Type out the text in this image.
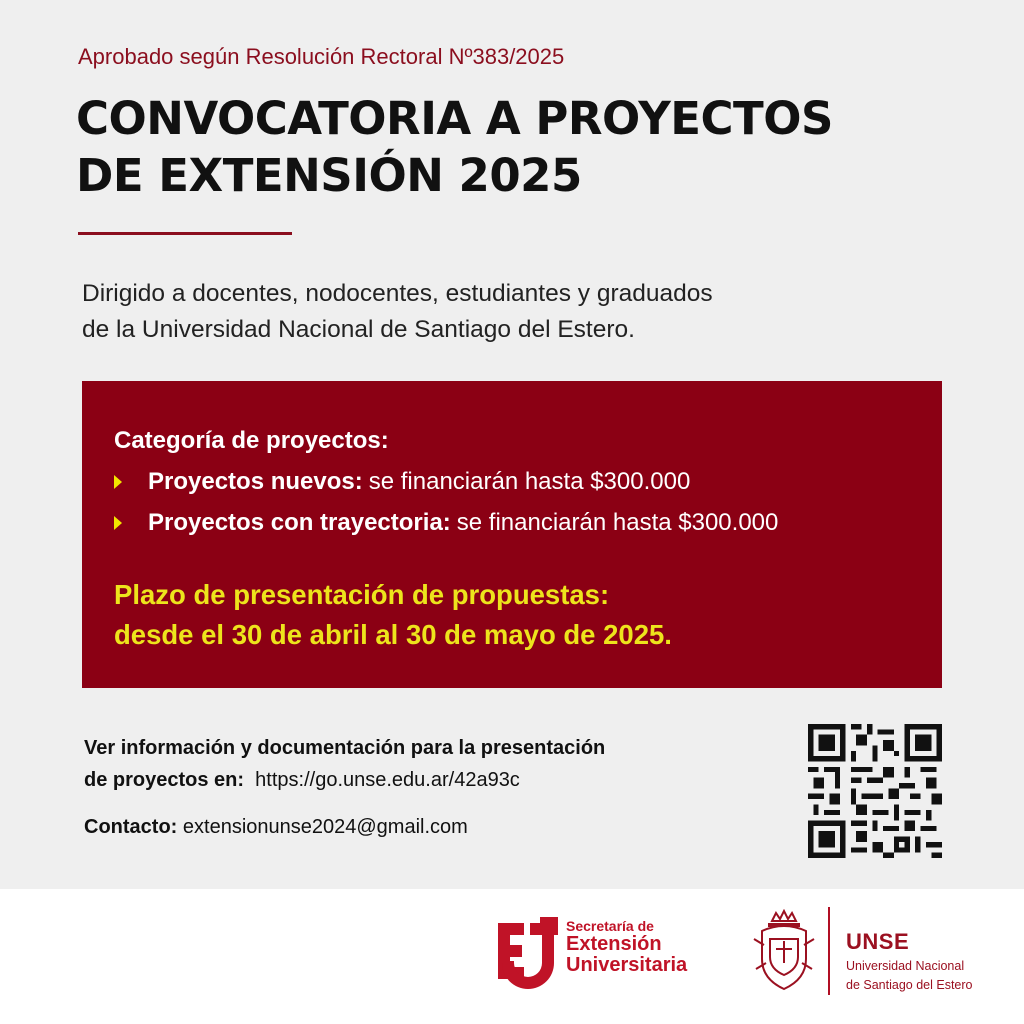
Aprobado según Resolución Rectoral Nº383/2025
CONVOCATORIA A PROYECTOS
DE EXTENSIÓN 2025

Dirigido a docentes, nodocentes, estudiantes y graduados
de la Universidad Nacional de Santiago del Estero.

Categoría de proyectos:
Proyectos nuevos: se financiarán hasta $300.000
Proyectos con trayectoria: se financiarán hasta $300.000

Plazo de presentación de propuestas:
desde el 30 de abril al 30 de mayo de 2025.

Ver información y documentación para la presentación
de proyectos en: https://go.unse.edu.ar/42a93c

Contacto: extensionunse2024@gmail.com
Secretaría de
Extensión
Universitaria
UNSE
Universidad Nacional
de Santiago del Estero
